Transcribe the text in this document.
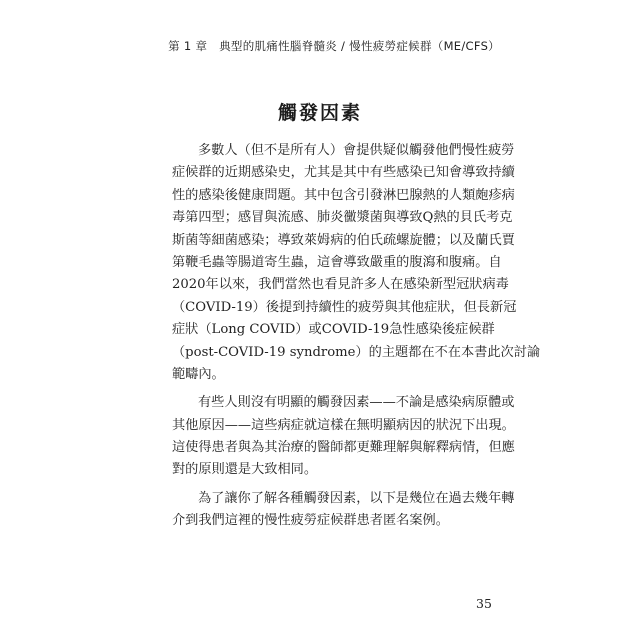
第 1 章　典型的肌痛性腦脊髓炎 / 慢性疲勞症候群（ME/CFS）
觸發因素
多數人（但不是所有人）會提供疑似觸發他們慢性疲勞
症候群的近期感染史，尤其是其中有些感染已知會導致持續
性的感染後健康問題。其中包含引發淋巴腺熱的人類皰疹病
毒第四型；感冒與流感、肺炎黴漿菌與導致Q熱的貝氏考克
斯菌等細菌感染；導致萊姆病的伯氏疏螺旋體；以及蘭氏賈
第鞭毛蟲等腸道寄生蟲，這會導致嚴重的腹瀉和腹痛。自
2020年以來，我們當然也看見許多人在感染新型冠狀病毒
（COVID-19）後提到持續性的疲勞與其他症狀，但長新冠
症狀（Long COVID）或COVID-19急性感染後症候群
（post-COVID-19 syndrome）的主題都在不在本書此次討論
範疇內。
有些人則沒有明顯的觸發因素——不論是感染病原體或
其他原因——這些病症就這樣在無明顯病因的狀況下出現。
這使得患者與為其治療的醫師都更難理解與解釋病情，但應
對的原則還是大致相同。
為了讓你了解各種觸發因素，以下是幾位在過去幾年轉
介到我們這裡的慢性疲勞症候群患者匿名案例。
35
